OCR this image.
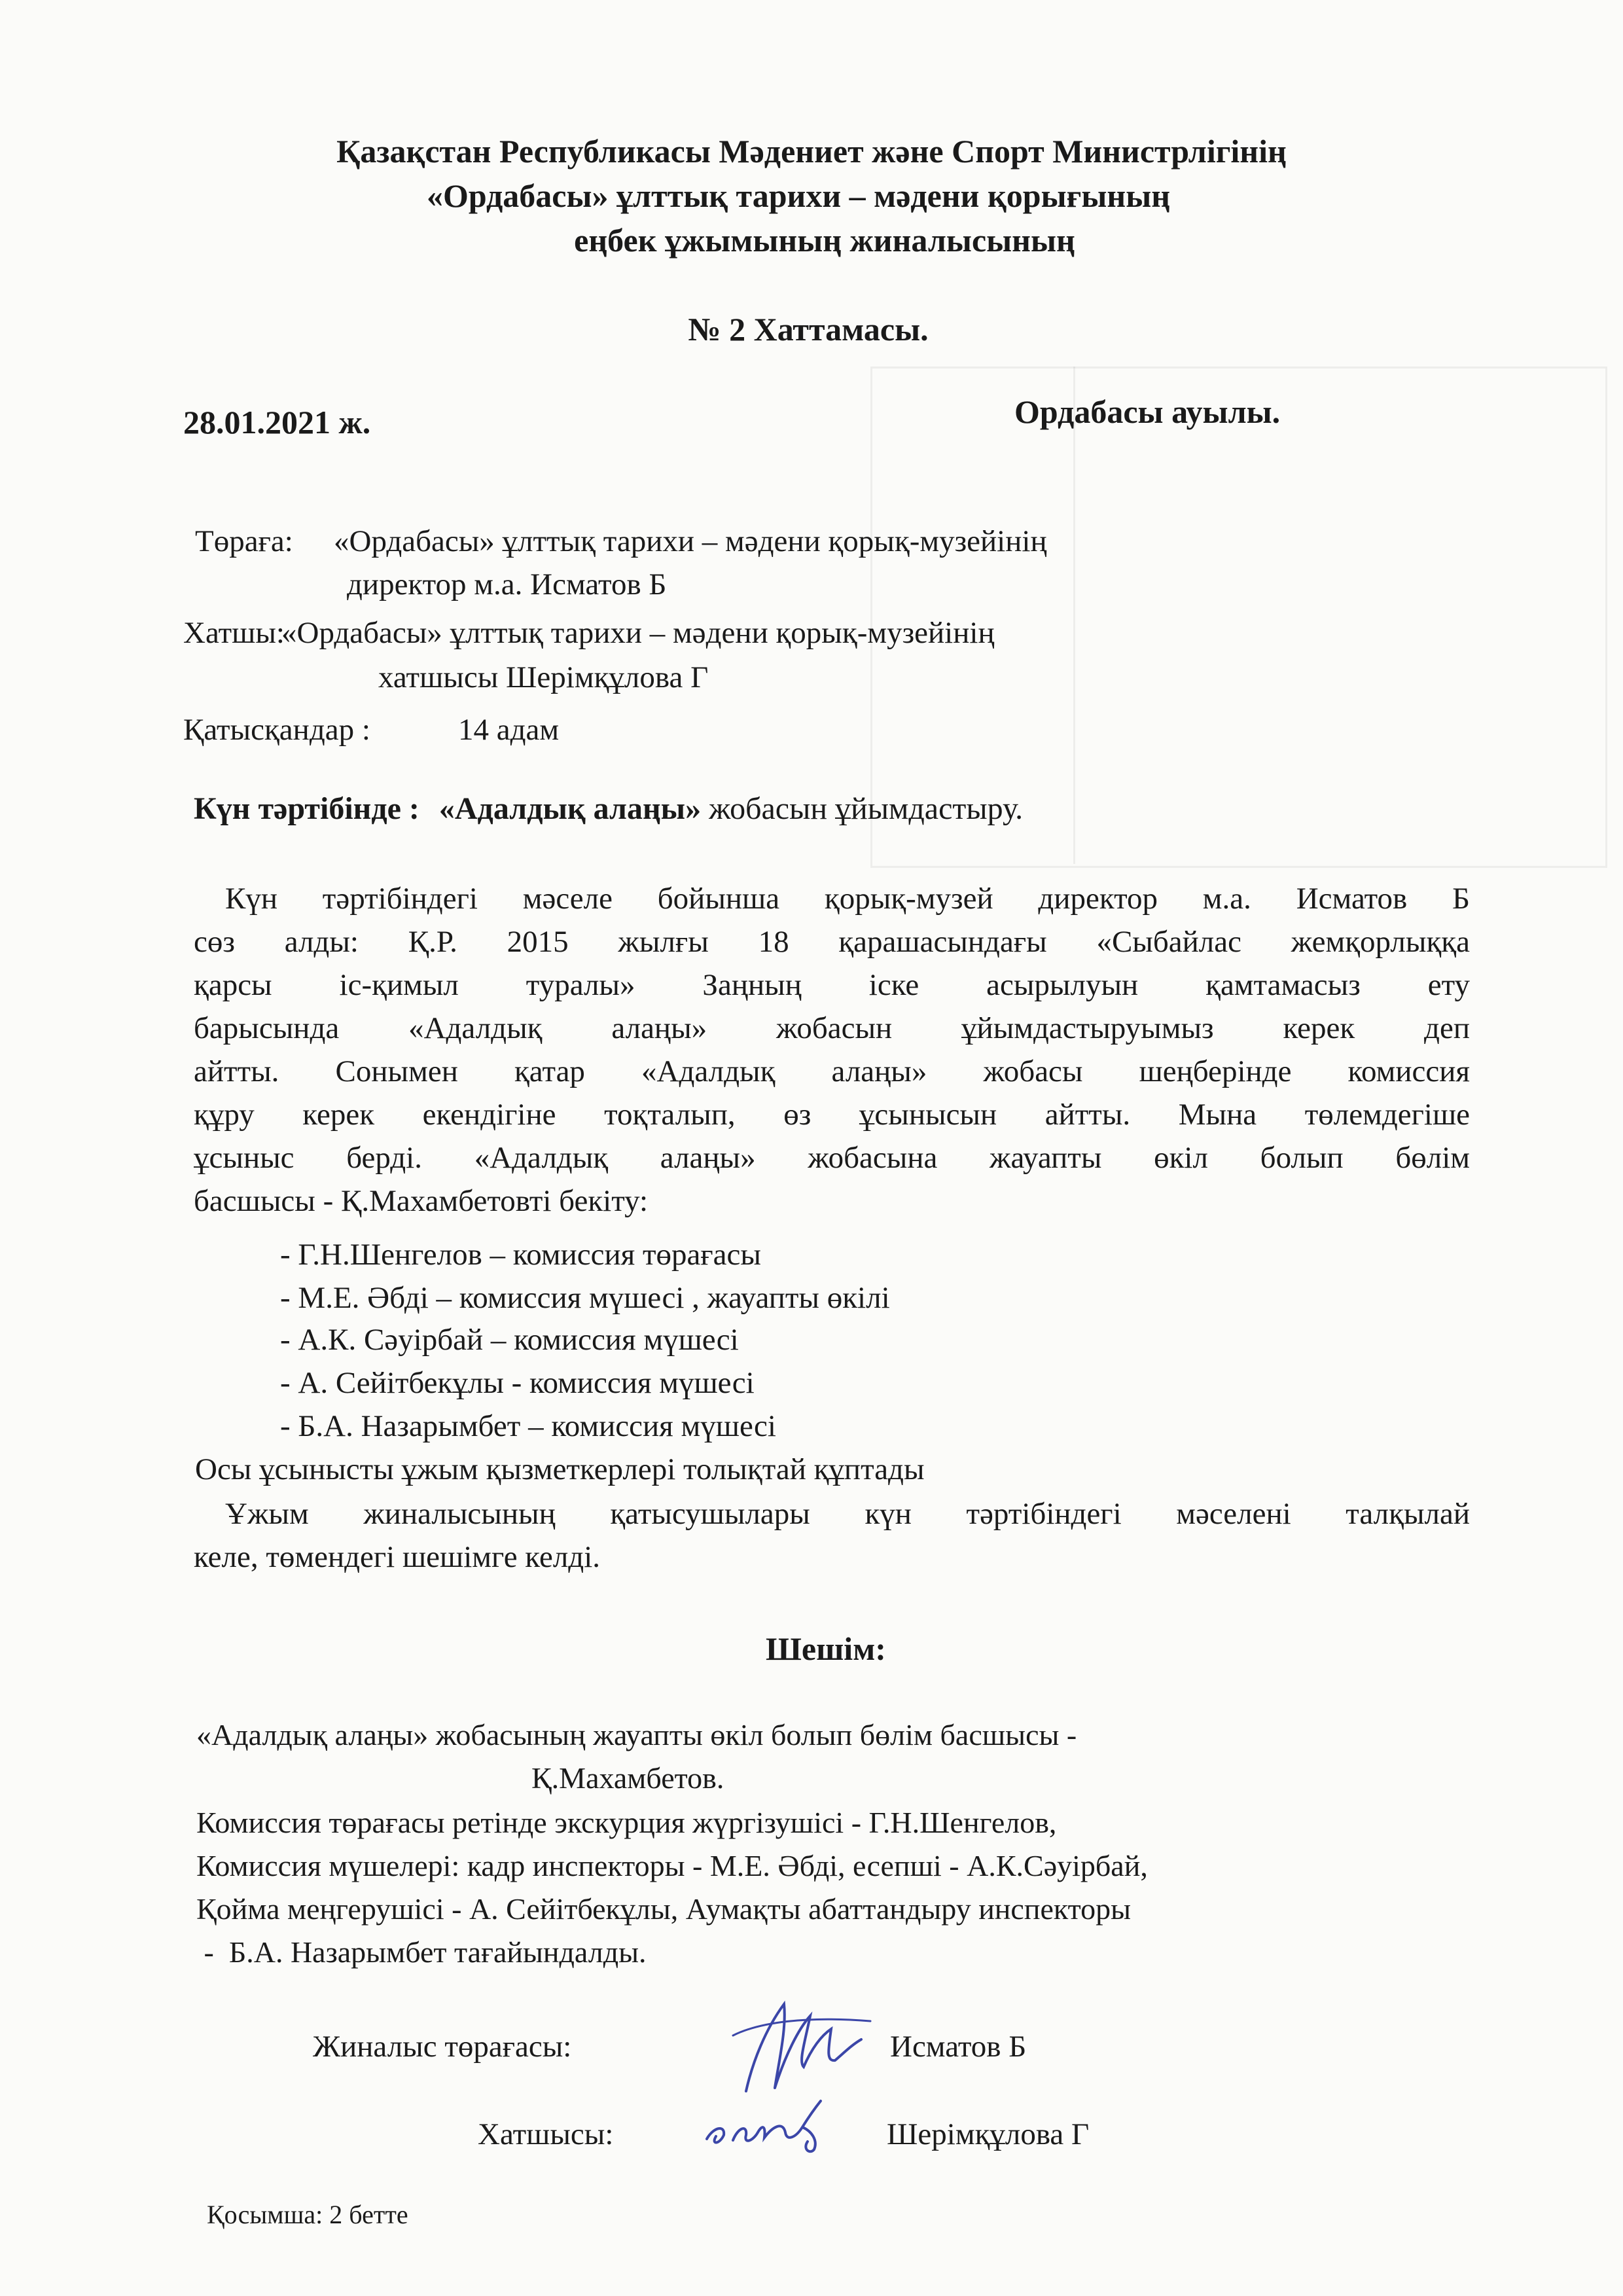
Қазақстан Республикасы Мәдениет және Спорт Министрлігінің
«Ордабасы» ұлттық тарихи – мәдени қорығының
еңбек ұжымының жиналысының
№ 2 Хаттамасы.
28.01.2021 ж.	Ордабасы ауылы.
Төраға: «Ордабасы» ұлттық тарихи – мәдени қорық-музейінің
директор м.а. Исматов Б
Хатшы:
«Ордабасы» ұлттық тарихи – мәдени қорық-музейінің
хатшысы Шерімқұлова Г
Қатысқандар :	14 адам
Күн тәртібінде : «Адалдық алаңы» жобасын ұйымдастыру.
Күн тәртібіндегі мәселе бойынша қорық-музей директор м.а. Исматов Б
сөз алды: Қ.Р. 2015 жылғы 18 қарашасындағы «Сыбайлас жемқорлыққа
қарсы іс-қимыл туралы» Заңның іске асырылуын қамтамасыз ету
барысында «Адалдық алаңы» жобасын ұйымдастыруымыз керек деп
айтты. Сонымен қатар «Адалдық алаңы» жобасы шеңберінде комиссия
құру керек екендігіне тоқталып, өз ұсынысын айтты. Мына төлемдегіше
ұсыныс берді. «Адалдық алаңы» жобасына жауапты өкіл болып бөлім
басшысы - Қ.Махамбетовті бекіту:
- Г.Н.Шенгелов – комиссия төрағасы
- М.Е. Әбді – комиссия мүшесі , жауапты өкілі
- А.К. Сәуірбай – комиссия мүшесі
- А. Сейітбекұлы - комиссия мүшесі
- Б.А. Назарымбет – комиссия мүшесі
Осы ұсынысты ұжым қызметкерлері толықтай құптады
Ұжым жиналысының қатысушылары күн тәртібіндегі мәселені талқылай
келе, төмендегі шешімге келді.
Шешім:
«Адалдық алаңы» жобасының жауапты өкіл болып бөлім басшысы -
Қ.Махамбетов.
Комиссия төрағасы ретінде экскурция жүргізушісі - Г.Н.Шенгелов,
Комиссия мүшелері: кадр инспекторы - М.Е. Әбді, есепші - А.К.Сәуірбай,
Қойма меңгерушісі - А. Сейітбекұлы, Аумақты абаттандыру инспекторы
-  Б.А. Назарымбет тағайындалды.
Жиналыс төрағасы:	Исматов Б
Хатшысы:	Шерімқұлова Г
Қосымша: 2 бетте
